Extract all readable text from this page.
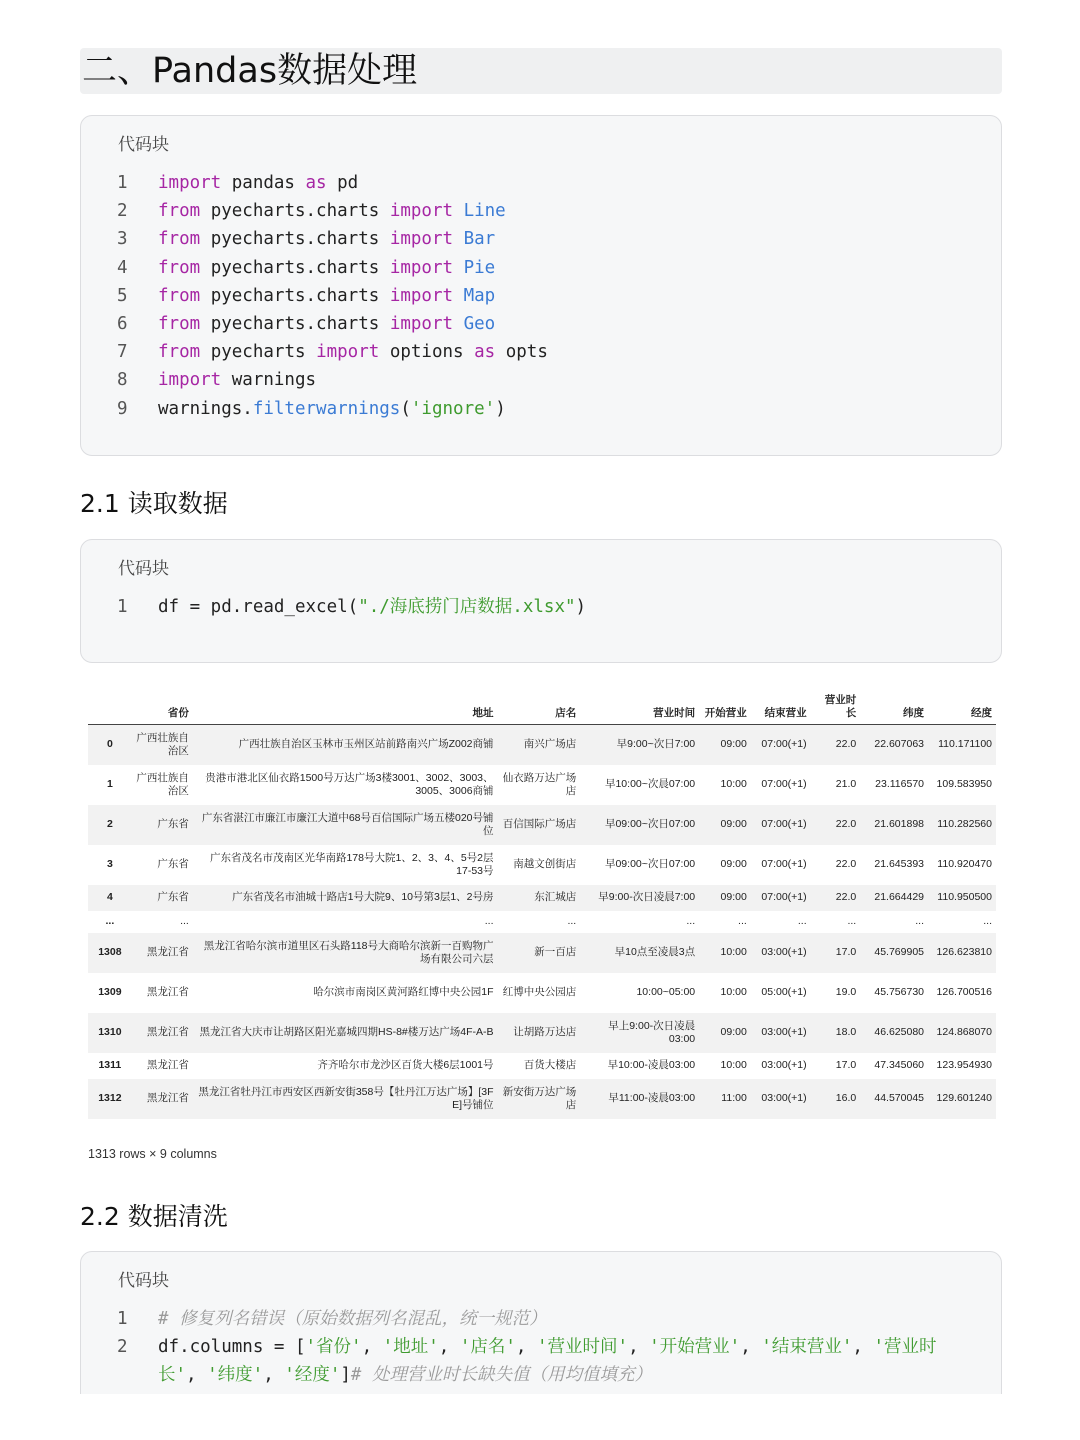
二、Pandas数据处理
代码块
1	import pandas as pd
2	from pyecharts.charts import Line
3	from pyecharts.charts import Bar
4	from pyecharts.charts import Pie
5	from pyecharts.charts import Map
6	from pyecharts.charts import Geo
7	from pyecharts import options as opts
8	import warnings
9	warnings.filterwarnings('ignore')
2.1 读取数据
代码块
1	df = pd.read_excel("./海底捞门店数据.xlsx")
	省份	地址	店名	营业时间	开始营业	结束营业	营业时长	纬度	经度
0	广西壮族自治区	广西壮族自治区玉林市玉州区站前路南兴广场Z002商铺	南兴广场店	早9:00~次日7:00	09:00	07:00(+1)	22.0	22.607063	110.171100
1	广西壮族自治区	贵港市港北区仙衣路1500号万达广场3楼3001、3002、3003、3005、3006商铺	仙衣路万达广场店	早10:00~次晨07:00	10:00	07:00(+1)	21.0	23.116570	109.583950
2	广东省	广东省湛江市廉江市廉江大道中68号百信国际广场五楼020号铺位	百信国际广场店	早09:00~次日07:00	09:00	07:00(+1)	22.0	21.601898	110.282560
3	广东省	广东省茂名市茂南区光华南路178号大院1、2、3、4、5号2层17-53号	南越文创街店	早09:00~次日07:00	09:00	07:00(+1)	22.0	21.645393	110.920470
4	广东省	广东省茂名市油城十路店1号大院9、10号第3层1、2号房	东汇城店	早9:00-次日凌晨7:00	09:00	07:00(+1)	22.0	21.664429	110.950500
...	...	...	...	...	...	...	...	...	...
1308	黑龙江省	黑龙江省哈尔滨市道里区石头路118号大商哈尔滨新一百购物广场有限公司六层	新一百店	早10点至凌晨3点	10:00	03:00(+1)	17.0	45.769905	126.623810
1309	黑龙江省	哈尔滨市南岗区黄河路红博中央公园1F	红博中央公园店	10:00~05:00	10:00	05:00(+1)	19.0	45.756730	126.700516
1310	黑龙江省	黑龙江省大庆市让胡路区阳光嘉城四期HS-8#楼万达广场4F-A-B	让胡路万达店	早上9:00-次日凌晨03:00	09:00	03:00(+1)	18.0	46.625080	124.868070
1311	黑龙江省	齐齐哈尔市龙沙区百货大楼6层1001号	百货大楼店	早10:00-凌晨03:00	10:00	03:00(+1)	17.0	47.345060	123.954930
1312	黑龙江省	黑龙江省牡丹江市西安区西新安街358号【牡丹江万达广场】[3F E]号铺位	新安街万达广场店	早11:00-凌晨03:00	11:00	03:00(+1)	16.0	44.570045	129.601240
1313 rows × 9 columns
2.2 数据清洗
代码块
1	# 修复列名错误（原始数据列名混乱，统一规范）
2	df.columns = ['省份', '地址', '店名', '营业时间', '开始营业', '结束营业', '营业时
长', '纬度', '经度']# 处理营业时长缺失值（用均值填充）
